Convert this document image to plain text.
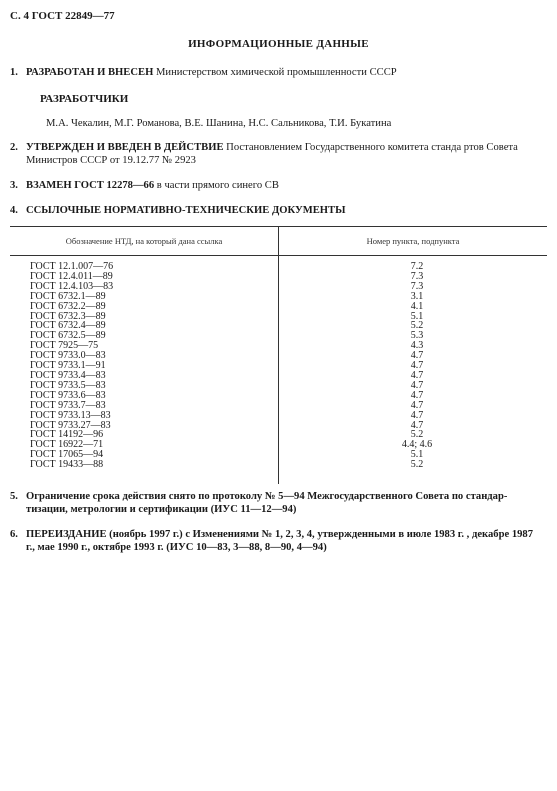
С. 4 ГОСТ 22849—77
ИНФОРМАЦИОННЫЕ ДАННЫЕ
1. РАЗРАБОТАН И ВНЕСЕН Министерством химической промышленности СССР
РАЗРАБОТЧИКИ
М.А. Чекалин, М.Г. Романова, В.Е. Шанина, Н.С. Сальникова, Т.И. Букатина
2. УТВЕРЖДЕН И ВВЕДЕН В ДЕЙСТВИЕ Постановлением Государственного комитета станда ртов Совета Министров СССР от 19.12.77 № 2923
3. ВЗАМЕН ГОСТ 12278—66 в части прямого синего СВ
4. ССЫЛОЧНЫЕ НОРМАТИВНО-ТЕХНИЧЕСКИЕ ДОКУМЕНТЫ
Обозначение НТД, на который дана ссылка	Номер пункта, подпункта

ГОСТ 12.1.007—76	7.2
ГОСТ 12.4.011—89	7.3
ГОСТ 12.4.103—83	7.3
ГОСТ 6732.1—89	3.1
ГОСТ 6732.2—89	4.1
ГОСТ 6732.3—89	5.1
ГОСТ 6732.4—89	5.2
ГОСТ 6732.5—89	5.3
ГОСТ 7925—75	4.3
ГОСТ 9733.0—83	4.7
ГОСТ 9733.1—91	4.7
ГОСТ 9733.4—83	4.7
ГОСТ 9733.5—83	4.7
ГОСТ 9733.6—83	4.7
ГОСТ 9733.7—83	4.7
ГОСТ 9733.13—83	4.7
ГОСТ 9733.27—83	4.7
ГОСТ 14192—96	5.2
ГОСТ 16922—71	4.4; 4.6
ГОСТ 17065—94	5.1
ГОСТ 19433—88	5.2

5. Ограничение срока действия снято по протоколу № 5—94 Межгосударственного Совета по стандар-тизации, метрологии и сертификации (ИУС 11—12—94)
6. ПЕРЕИЗДАНИЕ (ноябрь 1997 г.) с Изменениями № 1, 2, 3, 4, утвержденными в июле 1983 г. , декабре 1987 г., мае 1990 г., октябре 1993 г. (ИУС 10—83, 3—88, 8—90, 4—94)
